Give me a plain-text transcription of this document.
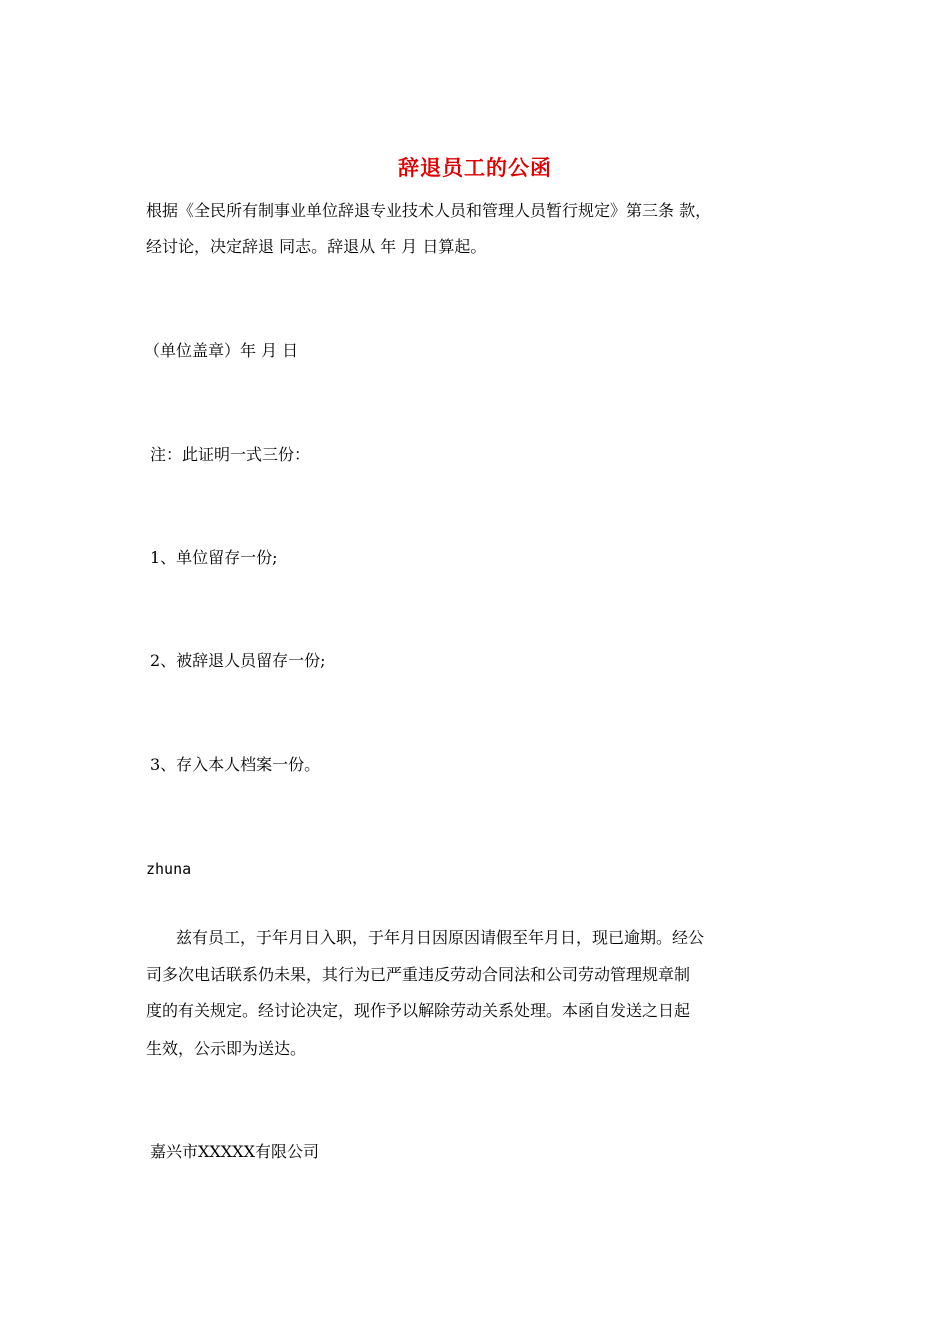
辞退员工的公函
根据《全民所有制事业单位辞退专业技术人员和管理人员暂行规定》第三条 款，
经讨论，决定辞退 同志。辞退从 年 月 日算起。
（单位盖章）年 月 日
注：此证明一式三份：
1、单位留存一份;
2、被辞退人员留存一份;
3、存入本人档案一份。
zhuna
兹有员工，于年月日入职，于年月日因原因请假至年月日，现已逾期。经公
司多次电话联系仍未果，其行为已严重违反劳动合同法和公司劳动管理规章制
度的有关规定。经讨论决定，现作予以解除劳动关系处理。本函自发送之日起
生效，公示即为送达。
嘉兴市XXXXX有限公司
